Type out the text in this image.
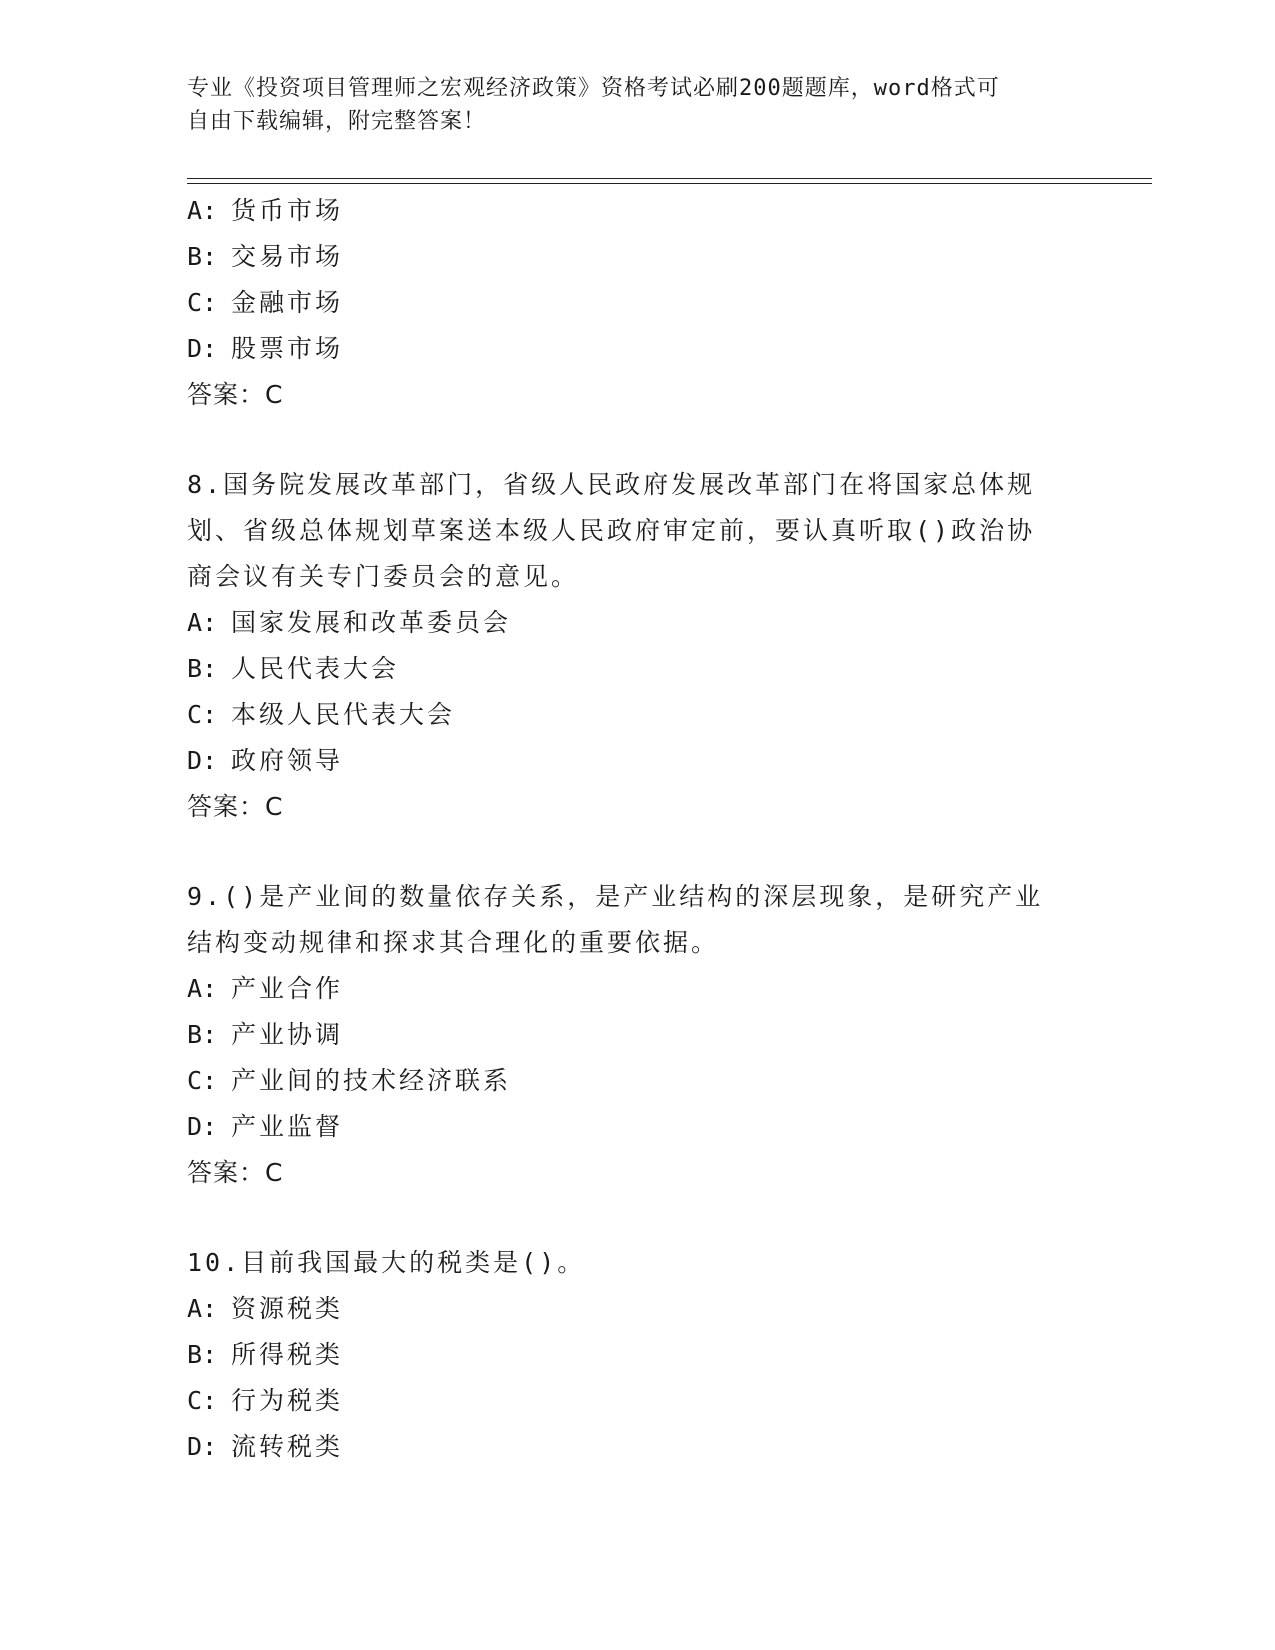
专业《投资项目管理师之宏观经济政策》资格考试必刷200题题库，word格式可
自由下载编辑，附完整答案！
A: 货币市场
B: 交易市场
C: 金融市场
D: 股票市场
答案：C
8.国务院发展改革部门，省级人民政府发展改革部门在将国家总体规
划、省级总体规划草案送本级人民政府审定前，要认真听取()政治协
商会议有关专门委员会的意见。
A: 国家发展和改革委员会
B: 人民代表大会
C: 本级人民代表大会
D: 政府领导
答案：C
9.()是产业间的数量依存关系，是产业结构的深层现象，是研究产业
结构变动规律和探求其合理化的重要依据。
A: 产业合作
B: 产业协调
C: 产业间的技术经济联系
D: 产业监督
答案：C
10.目前我国最大的税类是()。
A: 资源税类
B: 所得税类
C: 行为税类
D: 流转税类
